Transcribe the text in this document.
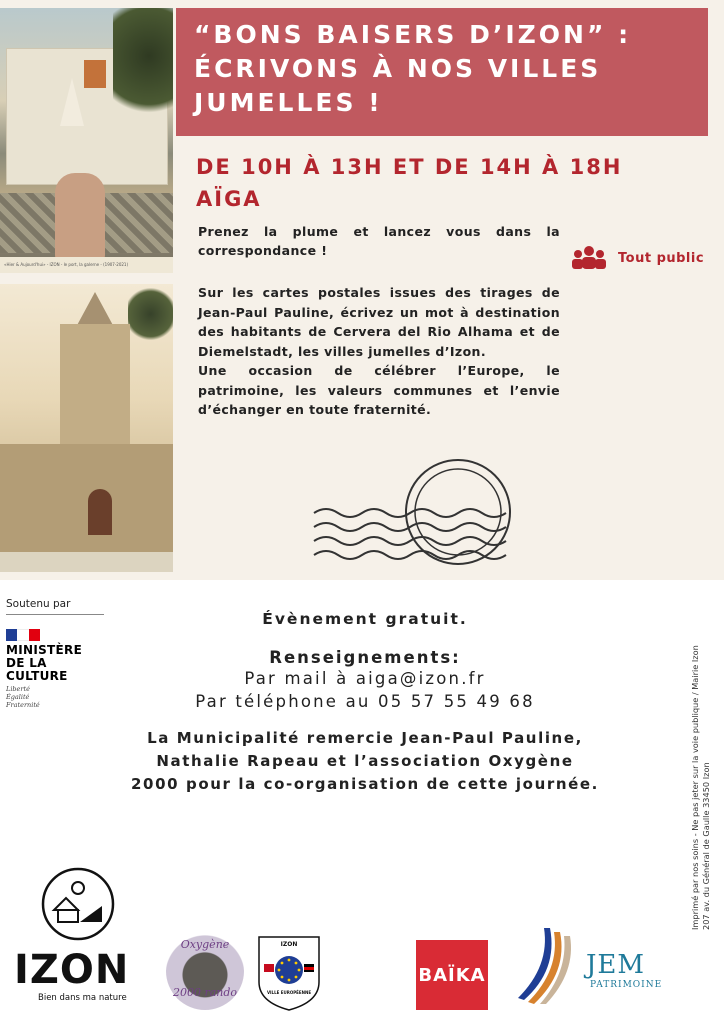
«Hier & Aujourd'hui» - IZON - le port, la galerne - (1907-2021)
“BONS BAISERS D’IZON” : ÉCRIVONS À NOS VILLES JUMELLES !
DE 10H À 13H ET DE 14H À 18H
AÏGA

Prenez la plume et lancez vous dans la correspondance !	Tout public
Sur les cartes postales issues des tirages de Jean-Paul Pauline, écrivez un mot à destination des habitants de Cervera del Rio Alhama et de Diemelstadt, les villes jumelles d’Izon.
Une occasion de célébrer l’Europe, le patrimoine, les valeurs communes et l’envie d’échanger en toute fraternité.
Soutenu par
MINISTÈRE
DE LA CULTURE
Liberté
Égalité
Fraternité
Évènement gratuit.
Renseignements:
Par mail à aiga@izon.fr
Par téléphone au 05 57 55 49 68
La Municipalité remercie Jean-Paul Pauline,
Nathalie Rapeau et l’association Oxygène
2000 pour la co-organisation de cette journée.	Imprimé par nos soins - Ne pas jeter sur la voie publique / Mairie Izon 207 av. du Général de Gaulle 33450 Izon
IZON
Bien dans ma nature
Oxygène
2000 rando
IZON
VILLE EUROPÉENNE
BAÏKA	JEM
PATRIMOINE
